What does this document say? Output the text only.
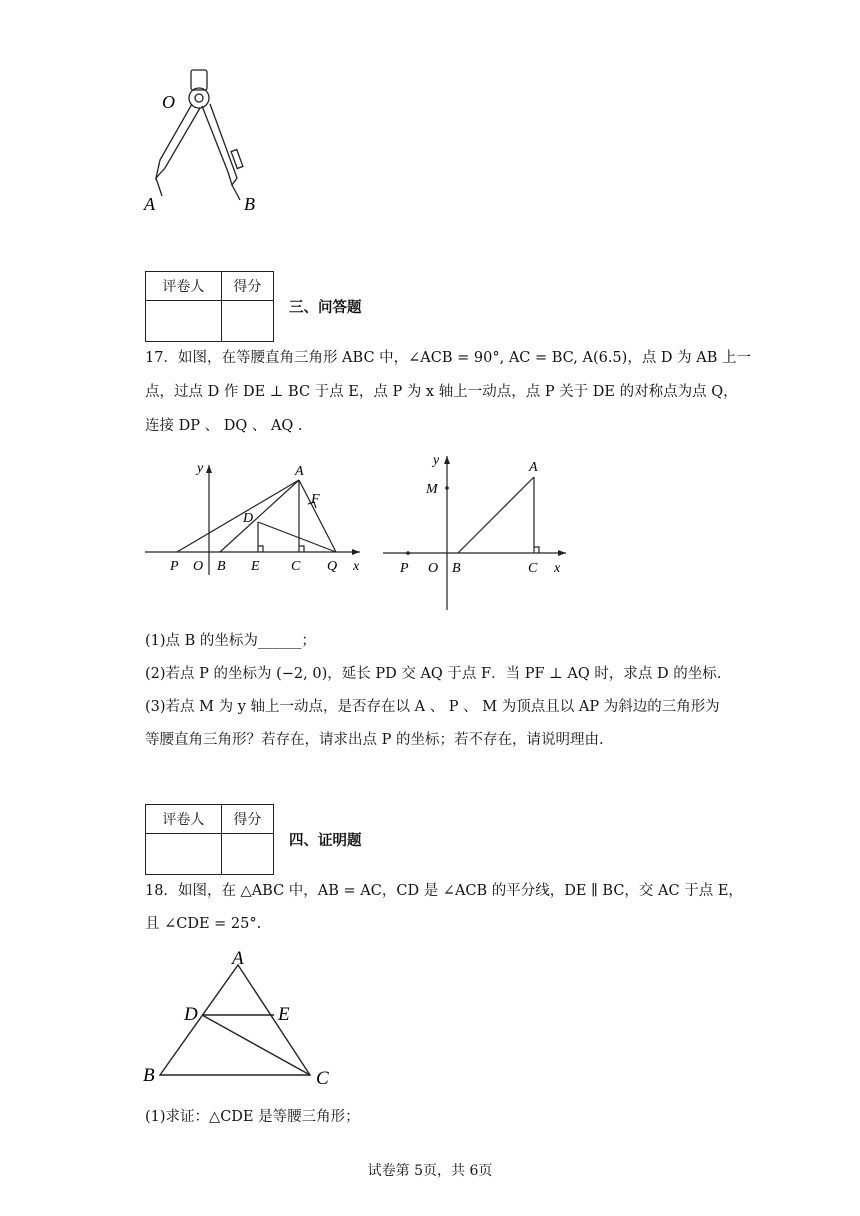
O
A	B
评卷人	得分

三、问答题
17．如图，在等腰直角三角形 ABC 中，∠ACB = 90°, AC = BC, A(6.5)，点 D 为 AB 上一
点，过点 D 作 DE ⊥ BC 于点 E，点 P 为 x 轴上一动点，点 P 关于 DE 的对称点为点 Q，
连接 DP 、 DQ 、 AQ .
y	A
F
D
P O B E C Q x
y	A
M
P O B	C x
(1)点 B 的坐标为______；
(2)若点 P 的坐标为 (−2, 0)，延长 PD 交 AQ 于点 F．当 PF ⊥ AQ 时，求点 D 的坐标.
(3)若点 M 为 y 轴上一动点，是否存在以 A 、 P 、 M 为顶点且以 AP 为斜边的三角形为
等腰直角三角形？若存在，请求出点 P 的坐标；若不存在，请说明理由.
评卷人	得分

四、证明题
18．如图，在 △ABC 中，AB = AC，CD 是 ∠ACB 的平分线，DE ∥ BC，交 AC 于点 E，
且 ∠CDE = 25°.
A
D	E
B	C
(1)求证：△CDE 是等腰三角形；
试卷第 5页，共 6页
